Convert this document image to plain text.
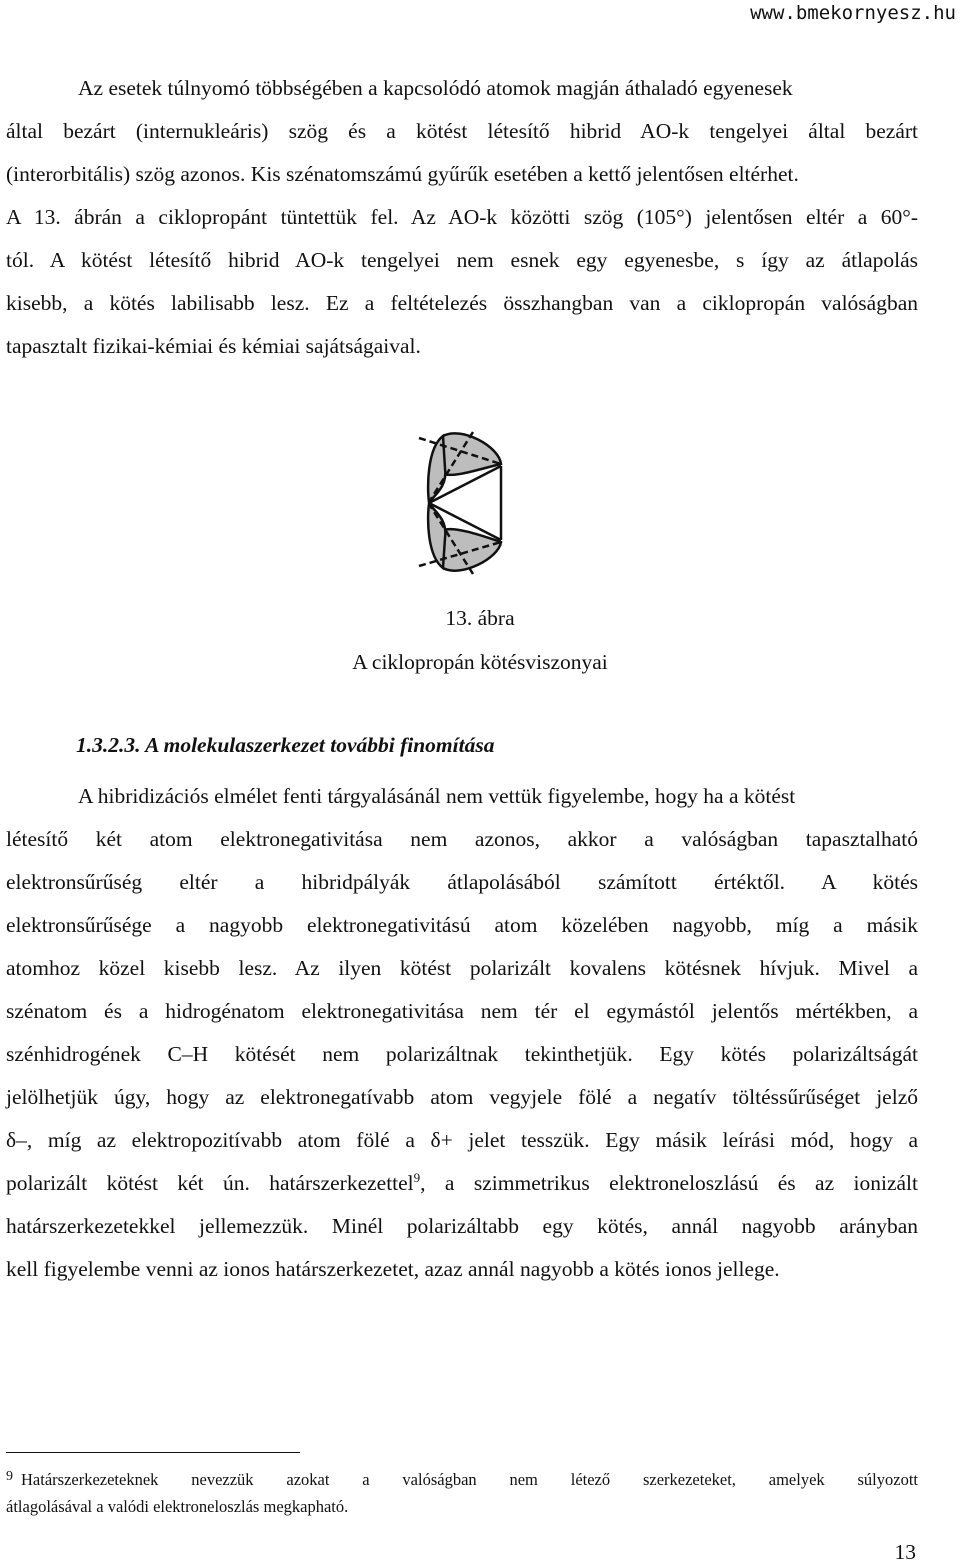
www.bmekornyesz.hu
Az esetek túlnyomó többségében a kapcsolódó atomok magján áthaladó egyenesek
által bezárt (internukleáris) szög és a kötést létesítő hibrid AO-k tengelyei által bezárt
(interorbitális) szög azonos. Kis szénatomszámú gyűrűk esetében a kettő jelentősen eltérhet.
A 13. ábrán a ciklopropánt tüntettük fel. Az AO-k közötti szög (105°) jelentősen eltér a 60°-
tól. A kötést létesítő hibrid AO-k tengelyei nem esnek egy egyenesbe, s így az átlapolás
kisebb, a kötés labilisabb lesz. Ez a feltételezés összhangban van a ciklopropán valóságban
tapasztalt fizikai-kémiai és kémiai sajátságaival.
13. ábra
A ciklopropán kötésviszonyai
1.3.2.3. A molekulaszerkezet további finomítása
A hibridizációs elmélet fenti tárgyalásánál nem vettük figyelembe, hogy ha a kötést
létesítő két atom elektronegativitása nem azonos, akkor a valóságban tapasztalható
elektronsűrűség eltér a hibridpályák átlapolásából számított értéktől. A kötés
elektronsűrűsége a nagyobb elektronegativitású atom közelében nagyobb, míg a másik
atomhoz közel kisebb lesz. Az ilyen kötést polarizált kovalens kötésnek hívjuk. Mivel a
szénatom és a hidrogénatom elektronegativitása nem tér el egymástól jelentős mértékben, a
szénhidrogének C–H kötését nem polarizáltnak tekinthetjük. Egy kötés polarizáltságát
jelölhetjük úgy, hogy az elektronegatívabb atom vegyjele fölé a negatív töltéssűrűséget jelző
δ–, míg az elektropozitívabb atom fölé a δ+ jelet tesszük. Egy másik leírási mód, hogy a
polarizált kötést két ún. határszerkezettel$^9$, a szimmetrikus elektroneloszlású és az ionizált
határszerkezetekkel jellemezzük. Minél polarizáltabb egy kötés, annál nagyobb arányban
kell figyelembe venni az ionos határszerkezetet, azaz annál nagyobb a kötés ionos jellege.
$^9$ Határszerkezeteknek nevezzük azokat a valóságban nem létező szerkezeteket, amelyek súlyozott
átlagolásával a valódi elektroneloszlás megkapható.
13
